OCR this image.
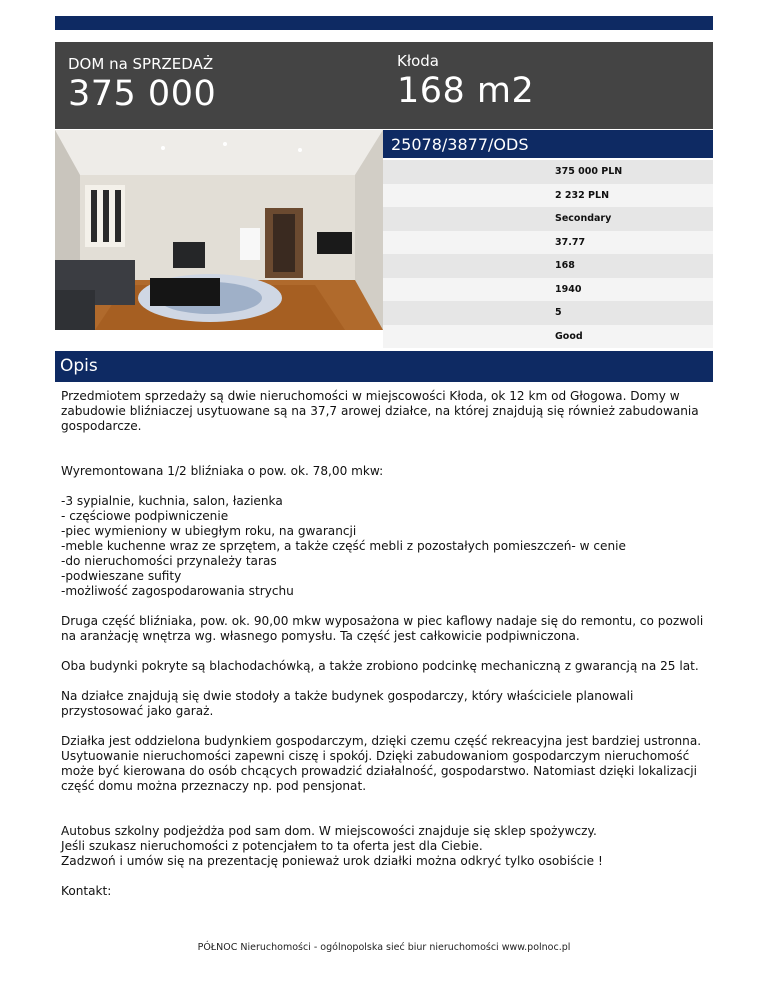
DOM na SPRZEDAŻ
375 000
Kłoda
168 m2
25078/3877/ODS
375 000 PLN
2 232 PLN
Secondary
37.77
168
1940
5
Good
Opis

Przedmiotem sprzedaży są dwie nieruchomości w miejscowości Kłoda, ok 12 km od Głogowa. Domy w zabudowie bliźniaczej usytuowane są na 37,7 arowej działce, na której znajdują się również zabudowania gospodarcze.

Wyremontowana 1/2 bliźniaka o pow. ok. 78,00 mkw:

-3 sypialnie, kuchnia, salon, łazienka
- częściowe podpiwniczenie
-piec wymieniony w ubiegłym roku, na gwarancji
-meble kuchenne wraz ze sprzętem, a także część mebli z pozostałych pomieszczeń- w cenie
-do nieruchomości przynależy taras
-podwieszane sufity
-możliwość zagospodarowania strychu

Druga część bliźniaka, pow. ok. 90,00 mkw wyposażona w piec kaflowy nadaje się do remontu, co pozwoli na aranżację wnętrza wg. własnego pomysłu. Ta część jest całkowicie podpiwniczona.

Oba budynki pokryte są blachodachówką, a także zrobiono podcinkę mechaniczną z gwarancją na 25 lat.

Na działce znajdują się dwie stodoły a także budynek gospodarczy, który właściciele planowali przystosować jako garaż.

Działka jest oddzielona budynkiem gospodarczym, dzięki czemu część rekreacyjna jest bardziej ustronna. Usytuowanie nieruchomości zapewni ciszę i spokój. Dzięki zabudowaniom gospodarczym nieruchomość może być kierowana do osób chcących prowadzić działalność, gospodarstwo. Natomiast dzięki lokalizacji część domu można przeznaczy np. pod pensjonat.

Autobus szkolny podjeżdża pod sam dom. W miejscowości znajduje się sklep spożywczy.
Jeśli szukasz nieruchomości z potencjałem to ta oferta jest dla Ciebie.
Zadzwoń i umów się na prezentację ponieważ urok działki można odkryć tylko osobiście !

Kontakt:

PÓŁNOC Nieruchomości - ogólnopolska sieć biur nieruchomości www.polnoc.pl
